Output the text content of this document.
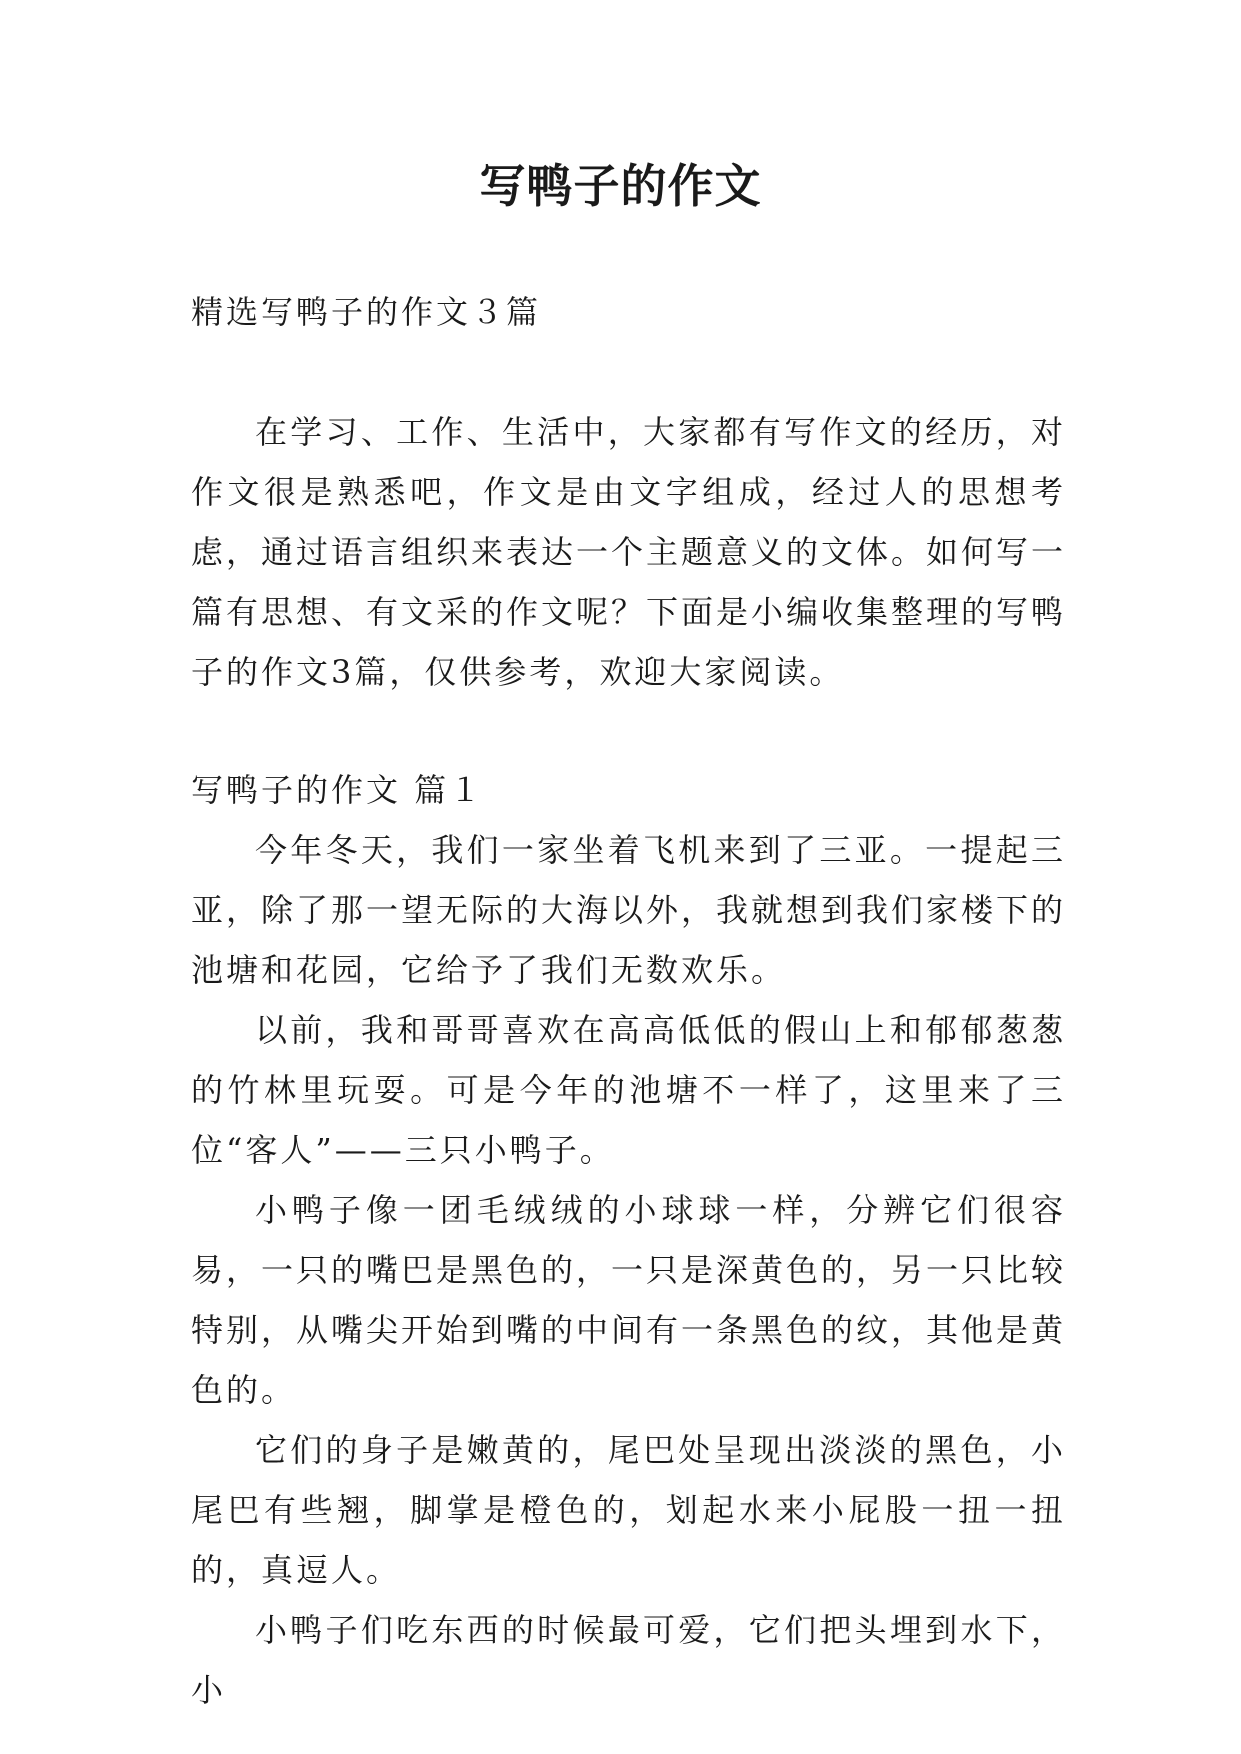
写鸭子的作文

精选写鸭子的作文３篇

在学习、工作、生活中，大家都有写作文的经历，对作文很是熟悉吧，作文是由文字组成，经过人的思想考虑，通过语言组织来表达一个主题意义的文体。如何写一篇有思想、有文采的作文呢？下面是小编收集整理的写鸭子的作文3篇，仅供参考，欢迎大家阅读。

写鸭子的作文 篇１

今年冬天，我们一家坐着飞机来到了三亚。一提起三亚，除了那一望无际的大海以外，我就想到我们家楼下的池塘和花园，它给予了我们无数欢乐。

以前，我和哥哥喜欢在高高低低的假山上和郁郁葱葱的竹林里玩耍。可是今年的池塘不一样了，这里来了三位“客人”——三只小鸭子。

小鸭子像一团毛绒绒的小球球一样，分辨它们很容易，一只的嘴巴是黑色的，一只是深黄色的，另一只比较特别，从嘴尖开始到嘴的中间有一条黑色的纹，其他是黄色的。

它们的身子是嫩黄的，尾巴处呈现出淡淡的黑色，小尾巴有些翘，脚掌是橙色的，划起水来小屁股一扭一扭的，真逗人。

小鸭子们吃东西的时候最可爱，它们把头埋到水下，小
